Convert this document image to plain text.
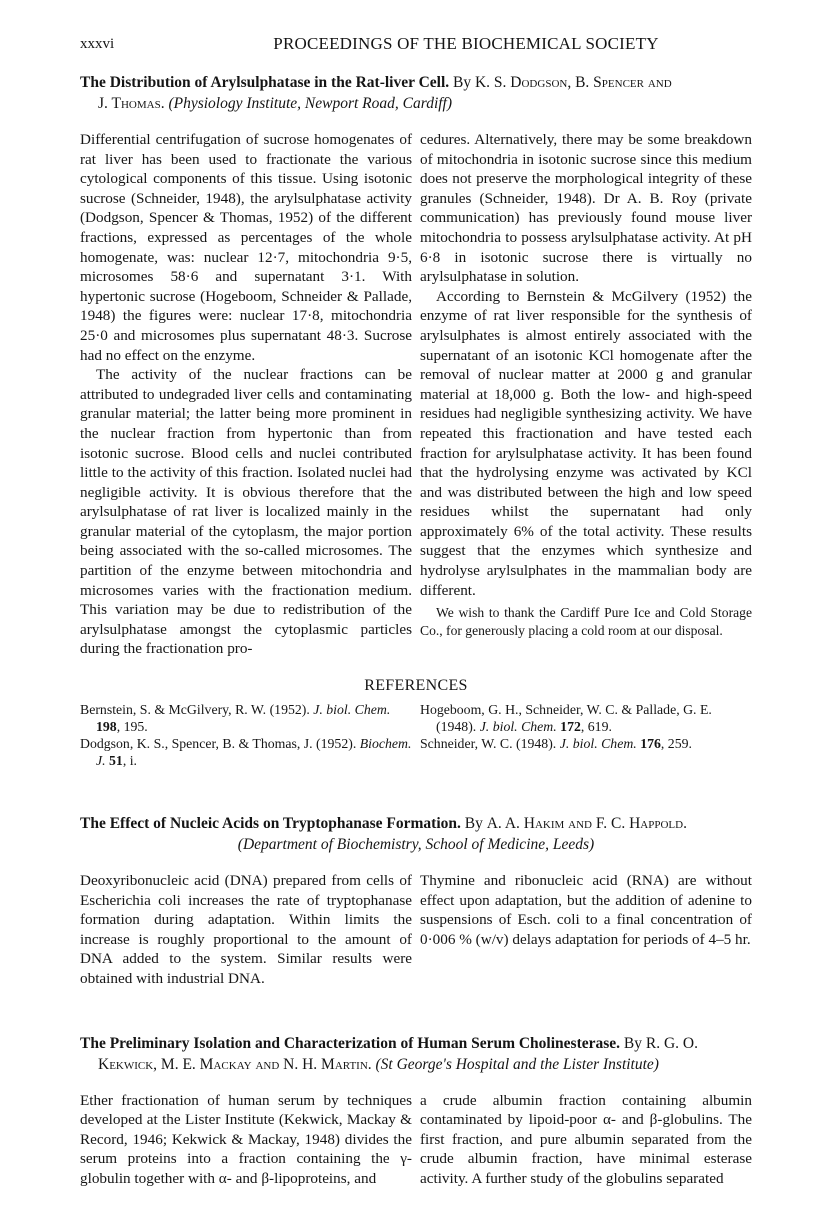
xxxvi	PROCEEDINGS OF THE BIOCHEMICAL SOCIETY
The Distribution of Arylsulphatase in the Rat-liver Cell. By K. S. Dodgson, B. Spencer and
J. Thomas. (Physiology Institute, Newport Road, Cardiff)

Differential centrifugation of sucrose homogenates of rat liver has been used to fractionate the various cytological components of this tissue. Using isotonic sucrose (Schneider, 1948), the arylsulphatase activity (Dodgson, Spencer & Thomas, 1952) of the different fractions, expressed as percentages of the whole homogenate, was: nuclear 12·7, mitochondria 9·5, microsomes 58·6 and supernatant 3·1. With hypertonic sucrose (Hogeboom, Schneider & Pallade, 1948) the figures were: nuclear 17·8, mitochondria 25·0 and microsomes plus supernatant 48·3. Sucrose had no effect on the enzyme.

The activity of the nuclear fractions can be attributed to undegraded liver cells and contaminating granular material; the latter being more prominent in the nuclear fraction from hypertonic than from isotonic sucrose. Blood cells and nuclei contributed little to the activity of this fraction. Isolated nuclei had negligible activity. It is obvious therefore that the arylsulphatase of rat liver is localized mainly in the granular material of the cytoplasm, the major portion being associated with the so-called microsomes. The partition of the enzyme between mitochondria and microsomes varies with the fractionation medium. This variation may be due to redistribution of the arylsulphatase amongst the cytoplasmic particles during the fractionation pro-

cedures. Alternatively, there may be some breakdown of mitochondria in isotonic sucrose since this medium does not preserve the morphological integrity of these granules (Schneider, 1948). Dr A. B. Roy (private communication) has previously found mouse liver mitochondria to possess arylsulphatase activity. At pH 6·8 in isotonic sucrose there is virtually no arylsulphatase in solution.

According to Bernstein & McGilvery (1952) the enzyme of rat liver responsible for the synthesis of arylsulphates is almost entirely associated with the supernatant of an isotonic KCl homogenate after the removal of nuclear matter at 2000 g and granular material at 18,000 g. Both the low- and high-speed residues had negligible synthesizing activity. We have repeated this fractionation and have tested each fraction for arylsulphatase activity. It has been found that the hydrolysing enzyme was activated by KCl and was distributed between the high and low speed residues whilst the supernatant had only approximately 6% of the total activity. These results suggest that the enzymes which synthesize and hydrolyse arylsulphates in the mammalian body are different.

We wish to thank the Cardiff Pure Ice and Cold Storage Co., for generously placing a cold room at our disposal.

REFERENCES
Bernstein, S. & McGilvery, R. W. (1952). J. biol. Chem. 198, 195.
Dodgson, K. S., Spencer, B. & Thomas, J. (1952). Biochem. J. 51, i.
Hogeboom, G. H., Schneider, W. C. & Pallade, G. E. (1948). J. biol. Chem. 172, 619.
Schneider, W. C. (1948). J. biol. Chem. 176, 259.
The Effect of Nucleic Acids on Tryptophanase Formation. By A. A. Hakim and F. C. Happold.
(Department of Biochemistry, School of Medicine, Leeds)

Deoxyribonucleic acid (DNA) prepared from cells of Escherichia coli increases the rate of tryptophanase formation during adaptation. Within limits the increase is roughly proportional to the amount of DNA added to the system. Similar results were obtained with industrial DNA.

Thymine and ribonucleic acid (RNA) are without effect upon adaptation, but the addition of adenine to suspensions of Esch. coli to a final concentration of 0·006 % (w/v) delays adaptation for periods of 4–5 hr.

The Preliminary Isolation and Characterization of Human Serum Cholinesterase. By R. G. O.
Kekwick, M. E. Mackay and N. H. Martin. (St George's Hospital and the Lister Institute)

Ether fractionation of human serum by techniques developed at the Lister Institute (Kekwick, Mackay & Record, 1946; Kekwick & Mackay, 1948) divides the serum proteins into a fraction containing the γ-globulin together with α- and β-lipoproteins, and

a crude albumin fraction containing albumin contaminated by lipoid-poor α- and β-globulins. The first fraction, and pure albumin separated from the crude albumin fraction, have minimal esterase activity. A further study of the globulins separated
